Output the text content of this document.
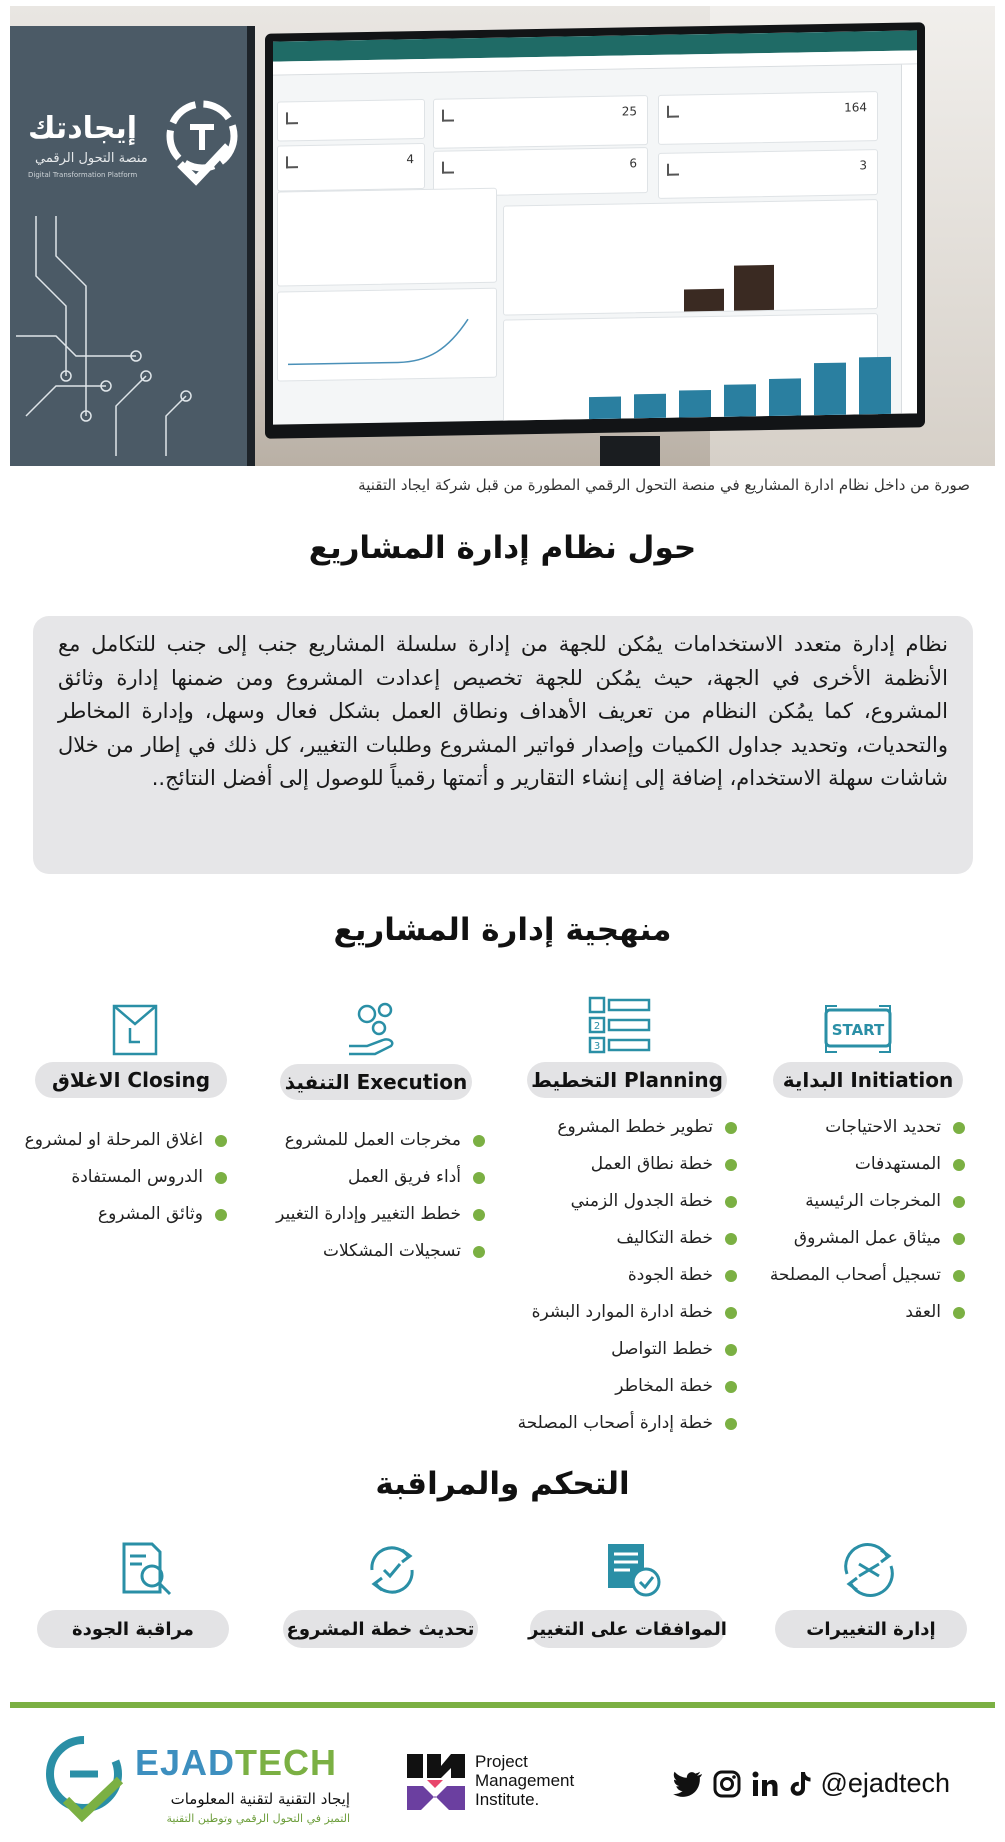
إيجادتك
منصة التحول الرقمي
Digital Transformation Platform
164
25
3
6
4
صورة من داخل نظام ادارة المشاريع في منصة التحول الرقمي المطورة من قبل شركة ايجاد التقنية
حول نظام إدارة المشاريع

نظام إدارة متعدد الاستخدامات يمُكن للجهة من إدارة سلسلة المشاريع جنب إلى جنب للتكامل مع الأنظمة الأخرى في الجهة، حيث يمُكن للجهة تخصيص إعدادت المشروع ومن ضمنها إدارة وثائق المشروع، كما يمُكن النظام من تعريف الأهداف ونطاق العمل بشكل فعال وسهل، وإدارة المخاطر والتحديات، وتحديد جداول الكميات وإصدار فواتير المشروع وطلبات التغيير، كل ذلك في إطار من خلال شاشات سهلة الاستخدام، إضافة إلى إنشاء التقارير و أتمتها رقمياً للوصول إلى أفضل النتائج..

منهجية إدارة المشاريع
START
2
3
البداية Initiation
التخطيط Planning
التنفيذ Execution
الاغلاق Closing
تحديد الاحتياجات
المستهدفات
المخرجات الرئيسية
ميثاق عمل المشروق
تسجيل أصحاب المصلحة
العقد
تطوير خطط المشروع
خطة نطاق العمل
خطة الجدول الزمني
خطة التكاليف
خطة الجودة
خطة ادارة الموارد البشرة
خطط التواصل
خطة المخاطر
خطة إدارة أصحاب المصلحة
مخرجات العمل للمشروع
أداء فريق العمل
خطط التغيير وإدارة التغيير
تسجيلات المشكلات
اغلاق المرحلة او لمشروع
الدروس المستفادة
وثائق المشروع
التحكم والمراقبة
إدارة التغييرات
الموافقات على التغيير
تحديث خطة المشروع
مراقبة الجودة
EJADTECH
إيجاد التقنية لتقنية المعلومات
التميز في التحول الرقمي وتوطين التقنية
Project
Management
Institute.
@ejadtech
